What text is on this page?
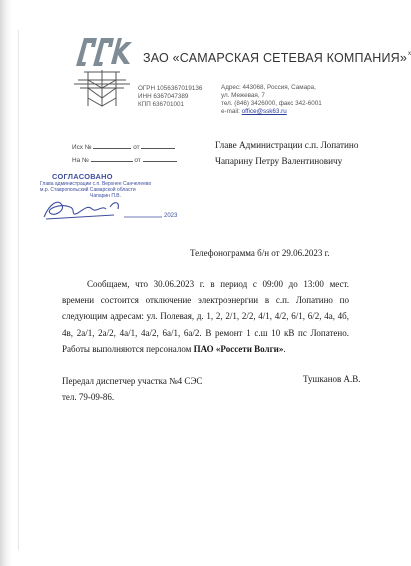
ССК	ЗАО «САМАРСКАЯ СЕТЕВАЯ КОМПАНИЯ»$^х$
ОГРН 1056367019136
ИНН 6367047389
КПП 636701001
Адрес: 443068, Россия, Самара,
ул. Межевая, 7
тел. (846) 3426000, факс 342-6001
e-mail: office@ssk63.ru
Исх №	от
На №	от
Главе Администрации с.п. Лопатино
Чапарину Петру Валентиновичу
СОГЛАСОВАНО
Глава администрации с.п. Верхнее Санчелеево
м.р. Ставропольский Самарской области
Чапарин П.В.
2023
Телефонограмма б/н от 29.06.2023 г.
Сообщаем, что 30.06.2023 г. в период с 09:00 до 13:00 мест. времени состоится отключение электроэнергии в с.п. Лопатино по следующим адресам: ул. Полевая, д. 1, 2, 2/1, 2/2, 4/1, 4/2, 6/1, 6/2, 4а, 4б, 4в, 2а/1, 2а/2, 4а/1, 4а/2, 6а/1, 6а/2. В ремонт 1 с.ш 10 кВ пс Лопатено. Работы выполняются персоналом ПАО «Россети Волги».
Передал диспетчер участка №4 СЭС	Тушканов А.В.
тел. 79-09-86.
